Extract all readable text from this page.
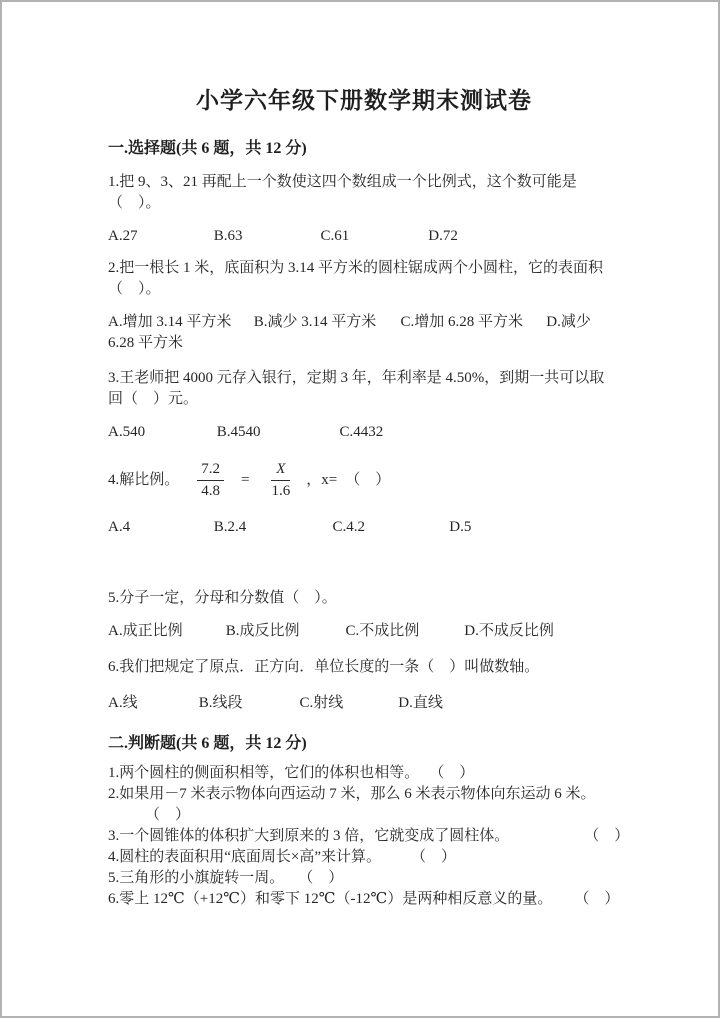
小学六年级下册数学期末测试卷
一.选择题(共 6 题，共 12 分)
1.把 9、3、21 再配上一个数使这四个数组成一个比例式，这个数可能是
（　）。
A.27	B.63	C.61	D.72
2.把一根长 1 米，底面积为 3.14 平方米的圆柱锯成两个小圆柱，它的表面积
（　）。
A.增加 3.14 平方米 B.减少 3.14 平方米 C.增加 6.28 平方米 D.减少
6.28 平方米
3.王老师把 4000 元存入银行，定期 3 年，年利率是 4.50%，到期一共可以取
回（　）元。
A.540	B.4540	C.4432
4.解比例。 $\frac{7.2}{4.8} = \frac{X}{1.6}$ ，x= （　）
A.4	B.2.4	C.4.2	D.5
5.分子一定，分母和分数值（　）。
A.成正比例	B.成反比例	C.不成比例	D.不成反比例
6.我们把规定了原点．正方向．单位长度的一条（　）叫做数轴。
A.线	B.线段	C.射线	D.直线
二.判断题(共 6 题，共 12 分)
1.两个圆柱的侧面积相等，它们的体积也相等。 （　）
2.如果用－7 米表示物体向西运动 7 米，那么 6 米表示物体向东运动 6 米。
（　）
3.一个圆锥体的体积扩大到原来的 3 倍，它就变成了圆柱体。	（　）
4.圆柱的表面积用“底面周长×高”来计算。 （　）
5.三角形的小旗旋转一周。 （　）
6.零上 12℃（+12℃）和零下 12℃（-12℃）是两种相反意义的量。 （　）
